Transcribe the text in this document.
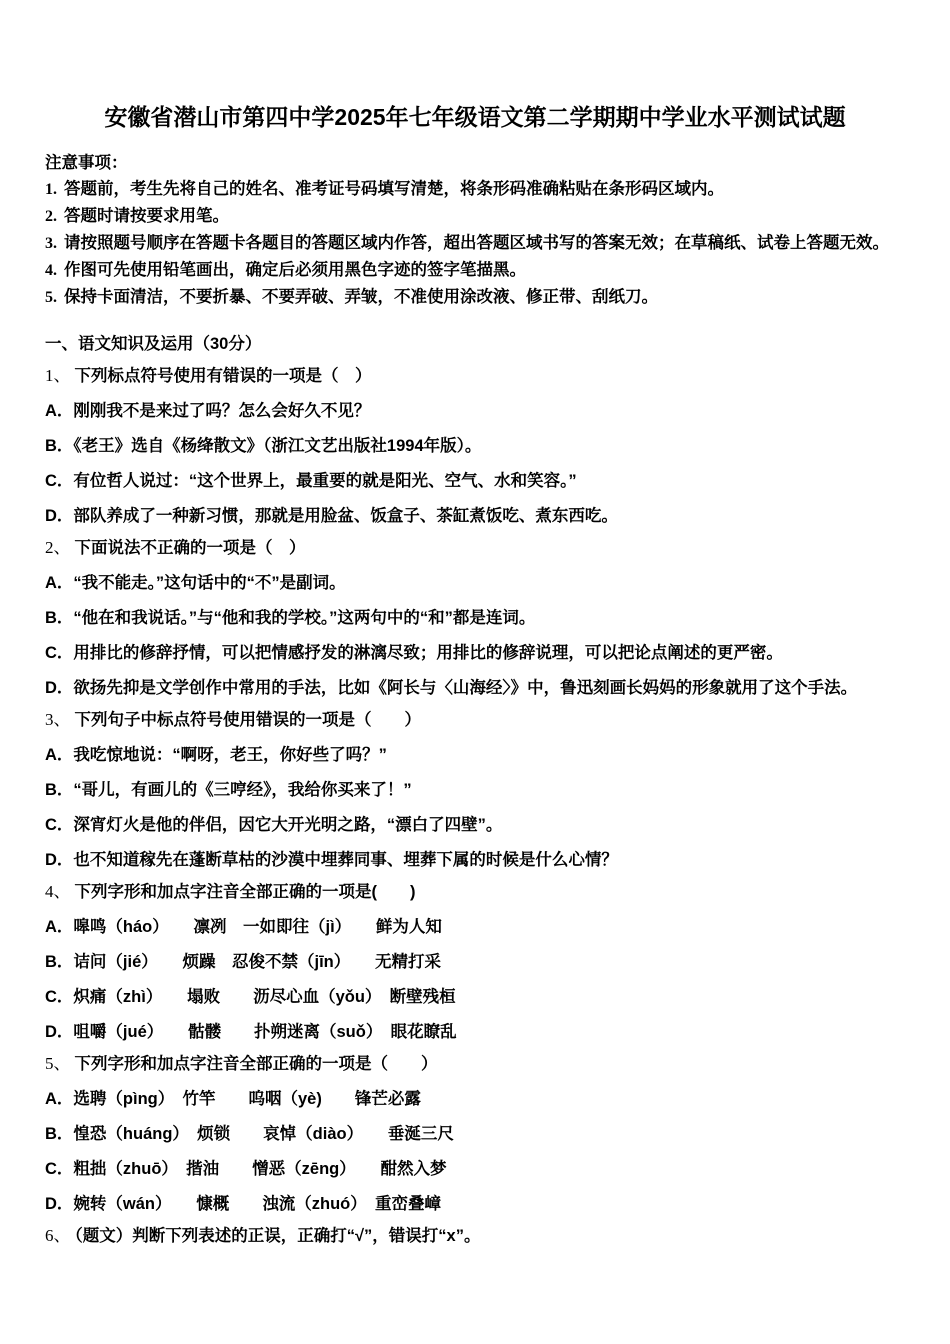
安徽省潜山市第四中学2025年七年级语文第二学期期中学业水平测试试题

注意事项：

1. 答题前，考生先将自己的姓名、准考证号码填写清楚，将条形码准确粘贴在条形码区域内。

2. 答题时请按要求用笔。

3. 请按照题号顺序在答题卡各题目的答题区域内作答，超出答题区域书写的答案无效；在草稿纸、试卷上答题无效。

4. 作图可先使用铅笔画出，确定后必须用黑色字迹的签字笔描黑。

5. 保持卡面清洁，不要折暴、不要弄破、弄皱，不准使用涂改液、修正带、刮纸刀。

一、语文知识及运用（30分）

1、 下列标点符号使用有错误的一项是（　）

A．刚刚我不是来过了吗？怎么会好久不见？

B．《老王》选自《杨绛散文》（浙江文艺出版社1994年版）。

C．有位哲人说过：“这个世界上，最重要的就是阳光、空气、水和笑容。”

D．部队养成了一种新习惯，那就是用脸盆、饭盒子、茶缸煮饭吃、煮东西吃。

2、 下面说法不正确的一项是（　）

A．“我不能走。”这句话中的“不”是副词。

B．“他在和我说话。”与“他和我的学校。”这两句中的“和”都是连词。

C．用排比的修辞抒情，可以把情感抒发的淋漓尽致；用排比的修辞说理，可以把论点阐述的更严密。

D．欲扬先抑是文学创作中常用的手法，比如《阿长与〈山海经〉》中，鲁迅刻画长妈妈的形象就用了这个手法。

3、 下列句子中标点符号使用错误的一项是（　　）

A．我吃惊地说：“啊呀，老王，你好些了吗？”

B．“哥儿，有画儿的《三哼经》，我给你买来了！”

C．深宵灯火是他的伴侣，因它大开光明之路，“漂白了四壁”。

D．也不知道稼先在蓬断草枯的沙漠中埋葬同事、埋葬下属的时候是什么心情？

4、 下列字形和加点字注音全部正确的一项是(　　)

A．嗥鸣（háo）　　凛冽　一如即往（jì）　　鲜为人知

B．诘问（jié）　　烦躁　忍俊不禁（jīn）　　无精打采

C．炽痛（zhì）　　塌败　　沥尽心血（yǒu）　断壁残桓

D．咀嚼（jué）　　骷髅　　扑朔迷离（suǒ）　眼花瞭乱

5、 下列字形和加点字注音全部正确的一项是（　　）

A．选聘（pìng）　竹竿　　呜咽（yè)　　锋芒必露

B．惶恐（huáng）　烦锁　　哀悼（diào）　　垂涎三尺

C．粗拙（zhuō）　揩油　　憎恶（zēng）　　酣然入梦

D．婉转（wán）　　慷概　　浊流（zhuó）　重峦叠嶂

6、 （题文）判断下列表述的正误，正确打“√”，错误打“x”。
